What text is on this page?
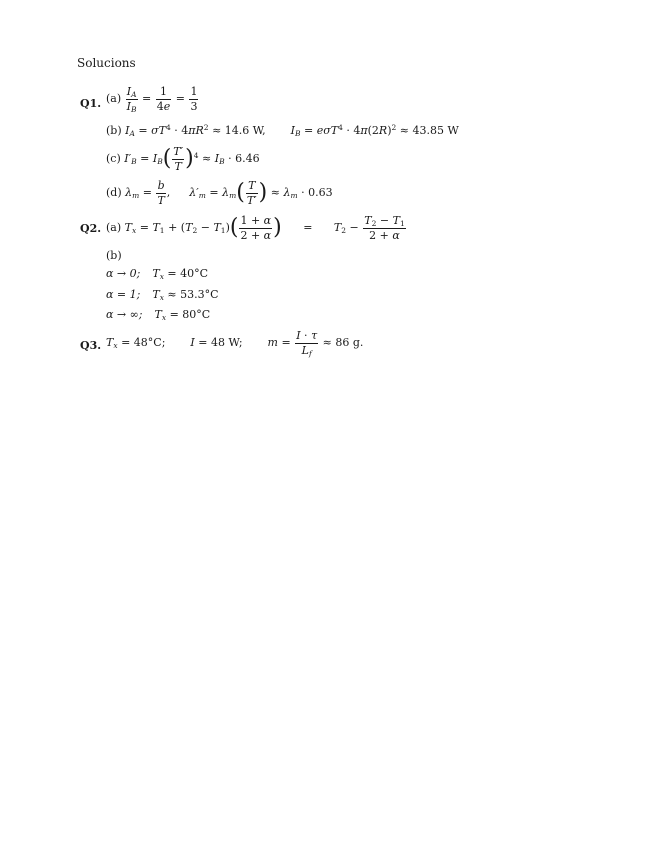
Solucions
Q1. $(a) \frac{I_A}{I_B} = \frac{1}{4e} = \frac{1}{3}$
(b) $I_A = \sigma T^4 \cdot 4\pi R^2 \approx 14.6$ W, $I_B = e\sigma T^4 \cdot 4\pi(2R)^2 \approx 43.85$ W
(c) $I'_B = I_B( \frac{T'}{T} )^4 \approx I_B \cdot 6.46$
(d) $\lambda_m = \frac{b}{T}$ ,  $\lambda'_m = \lambda_m( \frac{T}{T'}$ ) ≈ $\lambda_m \cdot 0.63$
Q2. (a) $T_x = T_1 + (T_2 - T_1)( \frac{1 + \alpha}{2 + \alpha}$ ) = $T_2 - \frac{T_2 - T_1}{2 + \alpha}$
(b)
α → 0; $T_x = 40^\circ C$
α = 1; $T_x \approx 53.3^\circ C$
α → ∞; $T_x = 80^\circ C$
Q3. $T_x = 48^\circ C$; I = 48 W; $m = \frac{I \cdot \tau}{L_f} \approx 86$ g.
